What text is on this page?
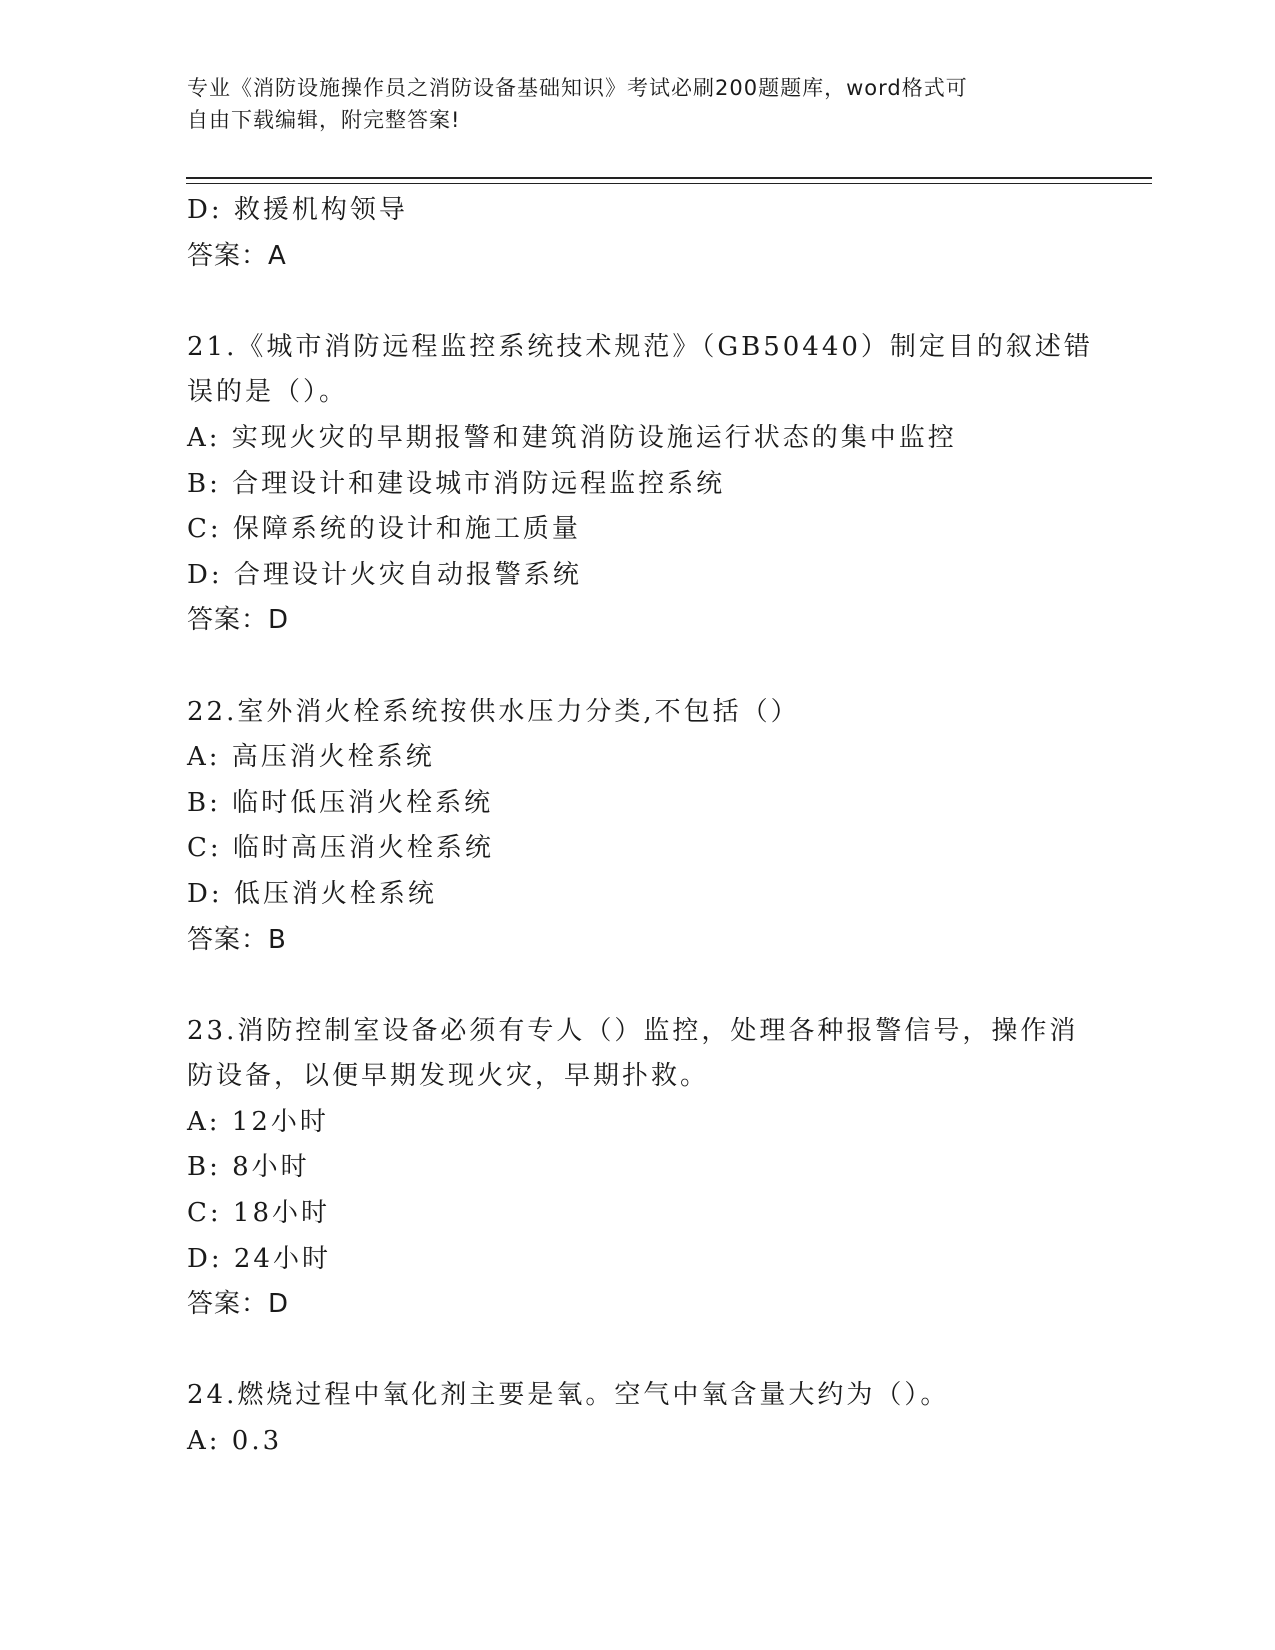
专业《消防设施操作员之消防设备基础知识》考试必刷200题题库，word格式可
自由下载编辑，附完整答案!
D: 救援机构领导
答案：A
21.《城市消防远程监控系统技术规范》（GB50440）制定目的叙述错
误的是（）。
A: 实现火灾的早期报警和建筑消防设施运行状态的集中监控
B: 合理设计和建设城市消防远程监控系统
C: 保障系统的设计和施工质量
D: 合理设计火灾自动报警系统
答案：D
22.室外消火栓系统按供水压力分类,不包括（）
A: 高压消火栓系统
B: 临时低压消火栓系统
C: 临时高压消火栓系统
D: 低压消火栓系统
答案：B
23.消防控制室设备必须有专人（）监控，处理各种报警信号，操作消
防设备，以便早期发现火灾，早期扑救。
A: 12小时
B: 8小时
C: 18小时
D: 24小时
答案：D
24.燃烧过程中氧化剂主要是氧。空气中氧含量大约为（）。
A: 0.3
